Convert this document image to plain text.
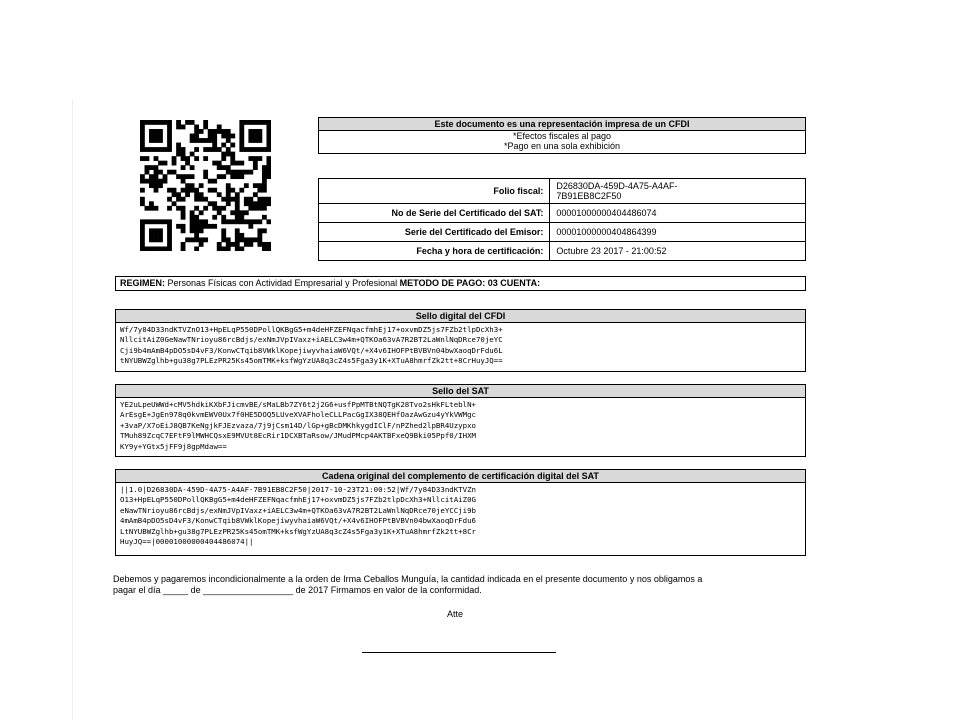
Este documento es una representación impresa de un CFDI
*Efectos fiscales al pago
*Pago en una sola exhibición
Folio fiscal:	D26830DA-459D-4A75-A4AF-
7B91EB8C2F50
No de Serie del Certificado del SAT:	00001000000404486074
Serie del Certificado del Emisor:	00001000000404864399
Fecha y hora de certificación:	Octubre 23 2017 - 21:00:52
REGIMEN: Personas Físicas con Actividad Empresarial y Profesional METODO DE PAGO: 03 CUENTA:
Sello digital del CFDI
Wf/7y84D33ndKTVZnO13+HpELqP550DPollQKBgG5+m4deHFZEFNqacfmhEj17+oxvmDZ5js7FZb2tlpDcXh3+
NllcitAiZ0GeNawTNrioyu86rcBdjs/exNmJVpIVaxz+iAELC3w4m+QTKOa63vA7R2BT2LaWnlNqDRce70jeYC
Cji9b4mAmB4pDO5sD4vF3/KonwCTqib8VWklKopejiwyvhaiaW6VQt/+X4v6IHOFPtBVBVn04bwXaoqDrFdu6L
tNYUBWZglhb+gu38g7PLEzPR25Ks45omTMK+ksfWgYzUA8q3cZ4s5Fga3y1K+XTuA8hmrfZk2tt+8CrHuyJQ==
Sello del SAT
YE2uLpeUWWd+cMV5hdkiKXbFJicmvBE/sMaLBb7ZY6t2j2G6+usfPpMTBtNQTgK28Tvo2sHkFLteblN+
ArEsgE+JgEn978q0kvmEWV0Ux7f0HE5DOQ5LUveXVAFholeCLLPacGgIX38QEHfOazAwGzu4yYkVWMgc
+3vaP/X7oEiJ8QB7KeNgjkFJEzvaza/7j9jCsm14D/lGp+gBcDMKhkygdIClF/nPZhed2lpBR4Uzypxo
TMuh89ZcqC7EFtF9lMWHCQsxE9MVUt8EcRir1DCXBTaRsow/JMudPMcp4AKTBFxeQ9Bki05Ppf0/IHXM
KY9y+YGtx5jFF9j8gpMdaw==
Cadena original del complemento de certificación digital del SAT
||1.0|D26830DA-459D-4A75-A4AF-7B91EB8C2F50|2017-10-23T21:00:52|Wf/7y84D33ndKTVZn
O13+HpELqP550DPollQKBgG5+m4deHFZEFNqacfmhEj17+oxvmDZ5js7FZb2tlpDcXh3+NllcitAiZ0G
eNawTNrioyu86rcBdjs/exNmJVpIVaxz+iAELC3w4m+QTKOa63vA7R2BT2LaWnlNqDRce70jeYCCji9b
4mAmB4pDO5sD4vF3/KonwCTqib8VWklKopejiwyvhaiaW6VQt/+X4v6IHOFPtBVBVn04bwXaoqDrFdu6
LtNYUBWZglhb+gu38g7PLEzPR25Ks45omTMK+ksfWgYzUA8q3cZ4s5Fga3y1K+XTuA8hmrfZk2tt+8Cr
HuyJQ==|00001000000404486074||
Debemos y pagaremos incondicionalmente a la orden de Irma Ceballos Munguía, la cantidad indicada en el presente documento y nos obligamos a
pagar el día _____ de __________________ de 2017 Firmamos en valor de la conformidad.
Atte
